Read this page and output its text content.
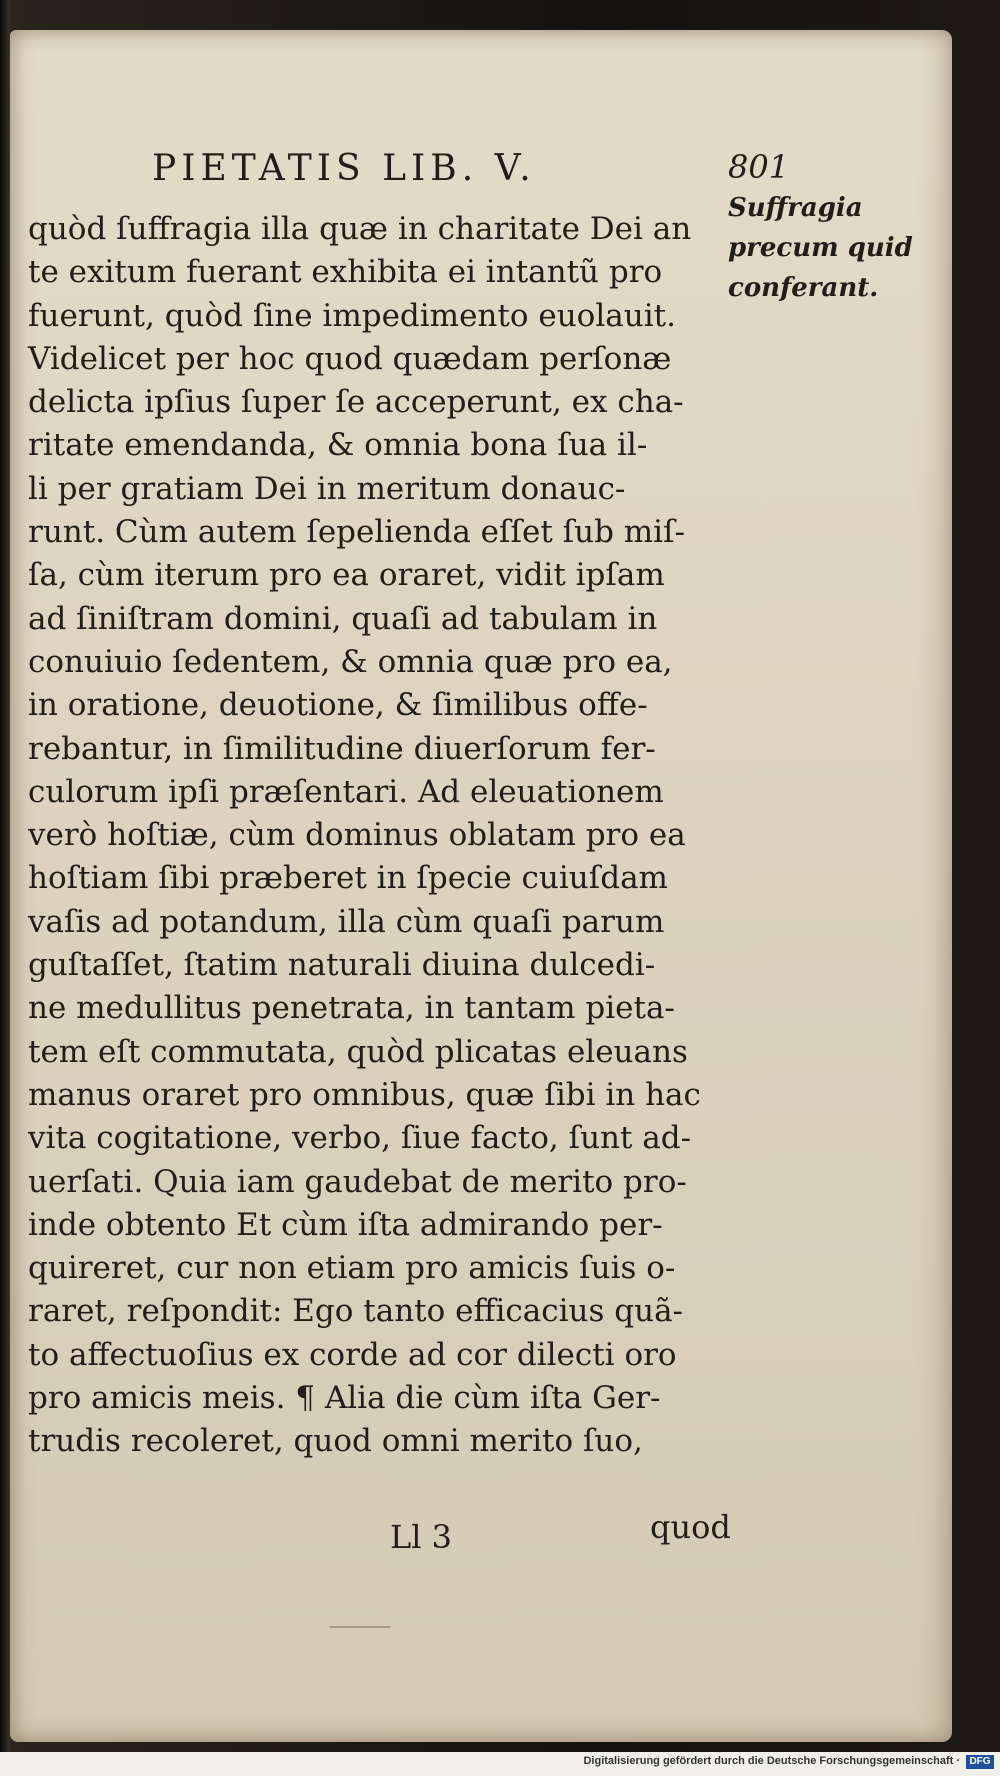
PIETATIS LIB. V.	801
Suffragia
precum quid
conferant.
quòd ſuffragia illa quæ in charitate Dei an
te exitum fuerant exhibita ei intantũ pro
fuerunt, quòd ſine impedimento euolauit.
Videlicet per hoc quod quædam perſonæ
delicta ipſius ſuper ſe acceperunt, ex cha-
ritate emendanda, & omnia bona ſua il-
li per gratiam Dei in meritum donauc-
runt. Cùm autem ſepelienda eſſet ſub miſ-
ſa, cùm iterum pro ea oraret, vidit ipſam
ad ſiniſtram domini, quaſi ad tabulam in
conuiuio ſedentem, & omnia quæ pro ea,
in oratione, deuotione, & ſimilibus offe-
rebantur, in ſimilitudine diuerſorum fer-
culorum ipſi præſentari. Ad eleuationem
verò hoſtiæ, cùm dominus oblatam pro ea
hoſtiam ſibi præberet in ſpecie cuiuſdam
vaſis ad potandum, illa cùm quaſi parum
guſtaſſet, ſtatim naturali diuina dulcedi-
ne medullitus penetrata, in tantam pieta-
tem eſt commutata, quòd plicatas eleuans
manus oraret pro omnibus, quæ ſibi in hac
vita cogitatione, verbo, ſiue facto, ſunt ad-
uerſati. Quia iam gaudebat de merito pro-
inde obtento Et cùm iſta admirando per-
quireret, cur non etiam pro amicis ſuis o-
raret, reſpondit: Ego tanto efficacius quã-
to affectuoſius ex corde ad cor dilecti oro
pro amicis meis. ¶ Alia die cùm iſta Ger-
trudis recoleret, quod omni merito ſuo,
Ll 3	quod
Digitalisierung gefördert durch die Deutsche Forschungsgemeinschaft · DFG
